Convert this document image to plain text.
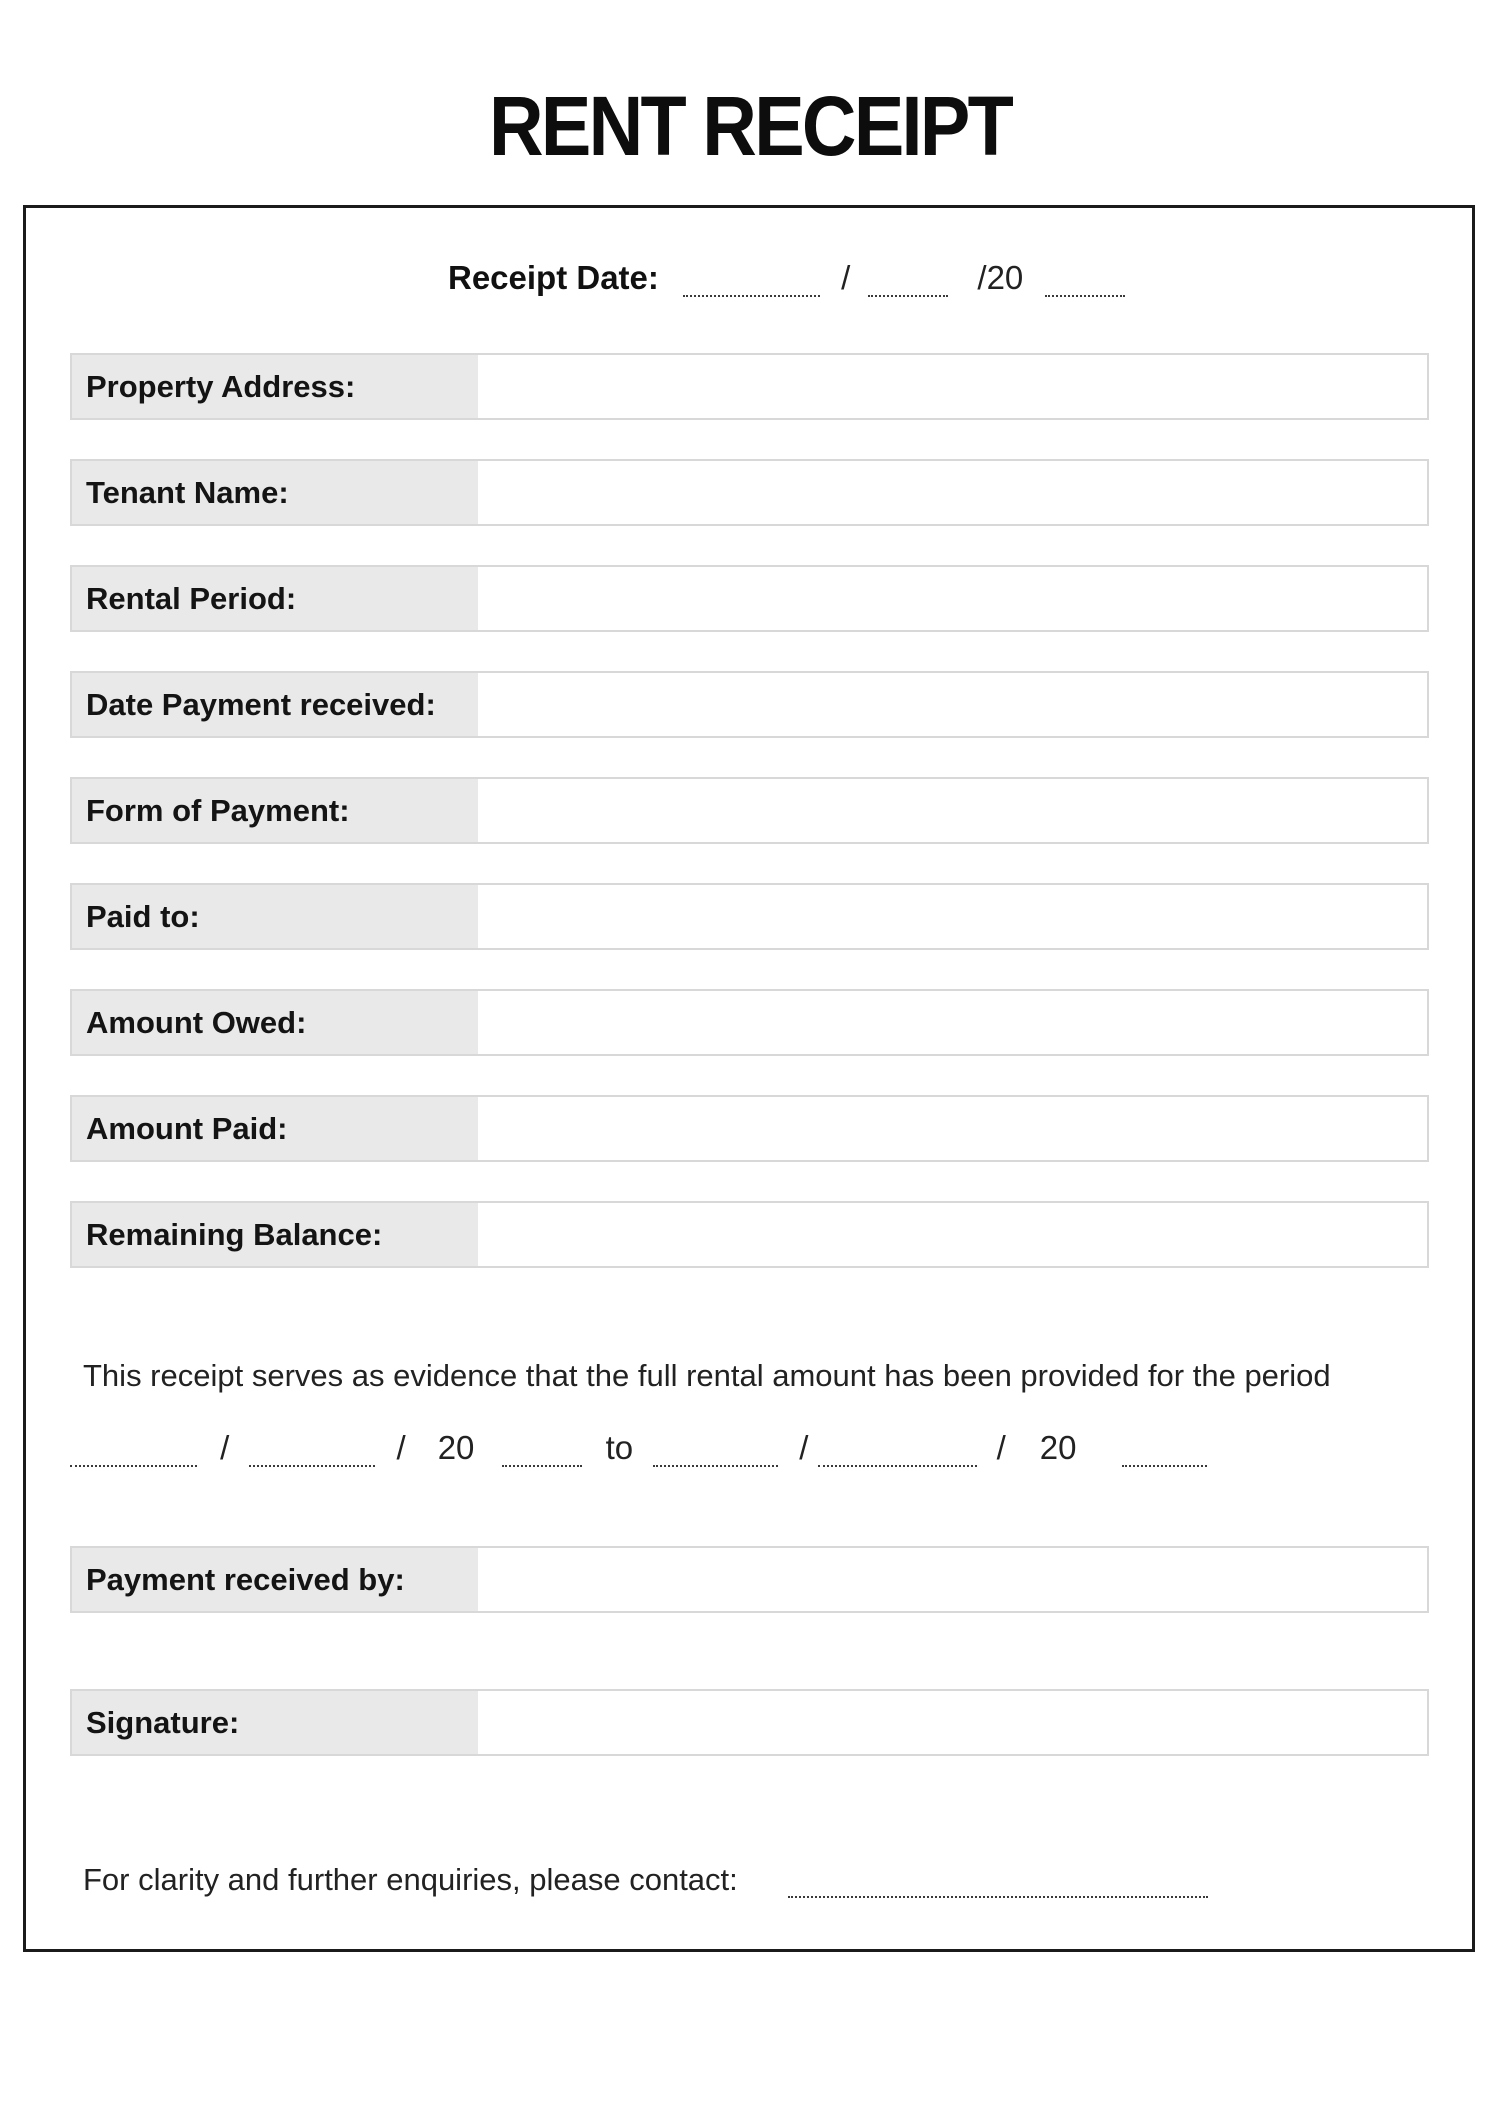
RENT RECEIPT
Receipt Date:	/	/20
Property Address:
Tenant Name:
Rental Period:
Date Payment received:
Form of Payment:
Paid to:
Amount Owed:
Amount Paid:
Remaining Balance:
This receipt serves as evidence that the full rental amount has been provided for the period
/	/ 20	to	/	/ 20
Payment received by:
Signature:
For clarity and further enquiries, please contact:
